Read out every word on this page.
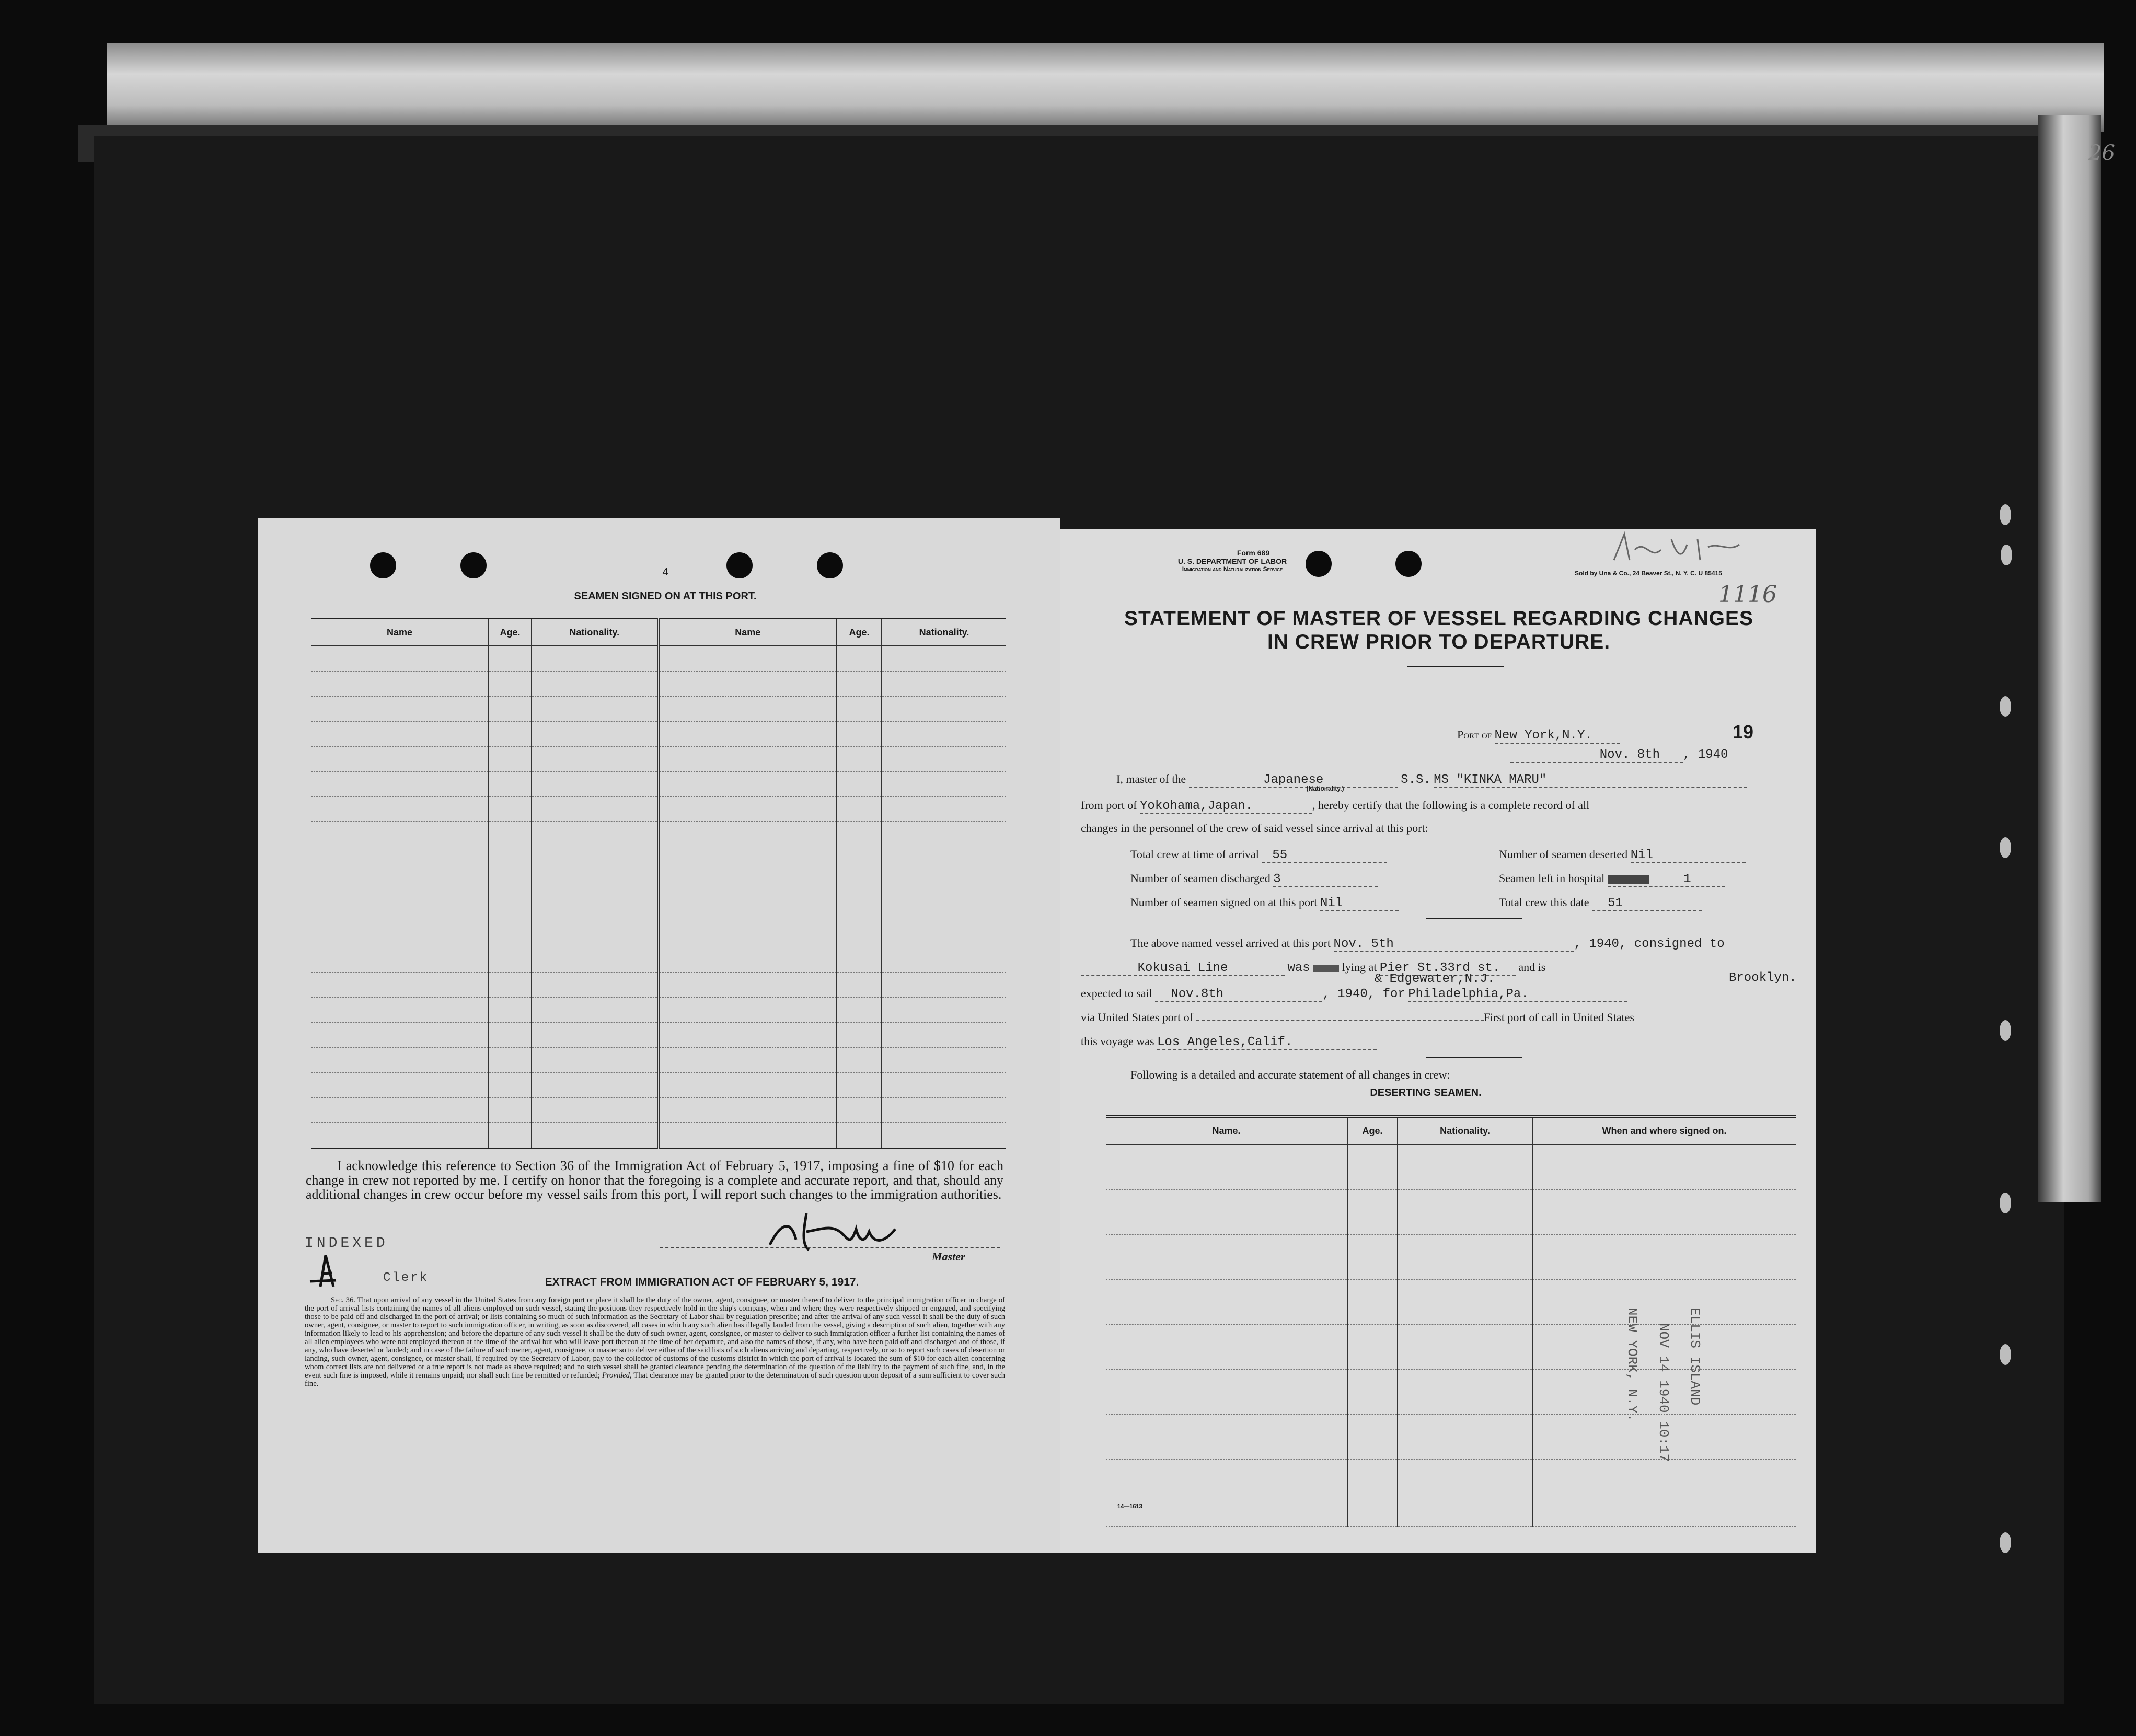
26
4
SEAMEN SIGNED ON AT THIS PORT.
Name	Age.	Nationality.	Name	Age.	Nationality.

I acknowledge this reference to Section 36 of the Immigration Act of February 5, 1917, imposing a fine of $10 for each change in crew not reported by me. I certify on honor that the foregoing is a complete and accurate report, and that, should any additional changes in crew occur before my vessel sails from this port, I will report such changes to the immigration authorities.
INDEXED
Clerk
Master
EXTRACT FROM IMMIGRATION ACT OF FEBRUARY 5, 1917.
Sec. 36. That upon arrival of any vessel in the United States from any foreign port or place it shall be the duty of the owner, agent, consignee, or master thereof to deliver to the principal immigration officer in charge of the port of arrival lists containing the names of all aliens employed on such vessel, stating the positions they respectively hold in the ship's company, when and where they were respectively shipped or engaged, and specifying those to be paid off and discharged in the port of arrival; or lists containing so much of such information as the Secretary of Labor shall by regulation prescribe; and after the arrival of any such vessel it shall be the duty of such owner, agent, consignee, or master to report to such immigration officer, in writing, as soon as discovered, all cases in which any such alien has illegally landed from the vessel, giving a description of such alien, together with any information likely to lead to his apprehension; and before the departure of any such vessel it shall be the duty of such owner, agent, consignee, or master to deliver to such immigration officer a further list containing the names of all alien employees who were not employed thereon at the time of the arrival but who will leave port thereon at the time of her departure, and also the names of those, if any, who have been paid off and discharged and of those, if any, who have deserted or landed; and in case of the failure of such owner, agent, consignee, or master so to deliver either of the said lists of such aliens arriving and departing, respectively, or so to report such cases of desertion or landing, such owner, agent, consignee, or master shall, if required by the Secretary of Labor, pay to the collector of customs of the customs district in which the port of arrival is located the sum of $10 for each alien concerning whom correct lists are not delivered or a true report is not made as above required; and no such vessel shall be granted clearance pending the determination of the question of the liability to the payment of such fine, and, in the event such fine is imposed, while it remains unpaid; nor shall such fine be remitted or refunded; Provided, That clearance may be granted prior to the determination of such question upon deposit of a sum sufficient to cover such fine.
Form 689
U. S. DEPARTMENT OF LABOR
Immigration and Naturalization Service
Sold by Una & Co., 24 Beaver St., N. Y. C. U 85415
1116
STATEMENT OF MASTER OF VESSEL REGARDING CHANGES
IN CREW PRIOR TO DEPARTURE.
Port of New York,N.Y.	19
Nov. 8th , 1940
I, master of the	Japanese
(Nationality.)
S.S. MS "KINKA MARU"
from port of Yokohama,Japan.	, hereby certify that the following is a complete record of all
changes in the personnel of the crew of said vessel since arrival at this port:
Total crew at time of arrival 55	Number of seamen deserted Nil
Number of seamen discharged 3	Seamen left in hospital	1
Number of seamen signed on at this port Nil	Total crew this date 51
The above named vessel arrived at this port Nov. 5th	, 1940, consigned to
Kokusai Line	was	lying at Pier St.33rd st.
& Edgewater,N.J.
and is
Brooklyn.
expected to sail Nov.8th	, 1940, for Philadelphia,Pa.
via United States port of	First port of call in United States
this voyage was Los Angeles,Calif.
Following is a detailed and accurate statement of all changes in crew:
DESERTING SEAMEN.
Name.	Age.	Nationality.	When and where signed on.

ELLIS ISLAND
NOV 14 1940 10:17
NEW YORK, N.Y.
14—1613
